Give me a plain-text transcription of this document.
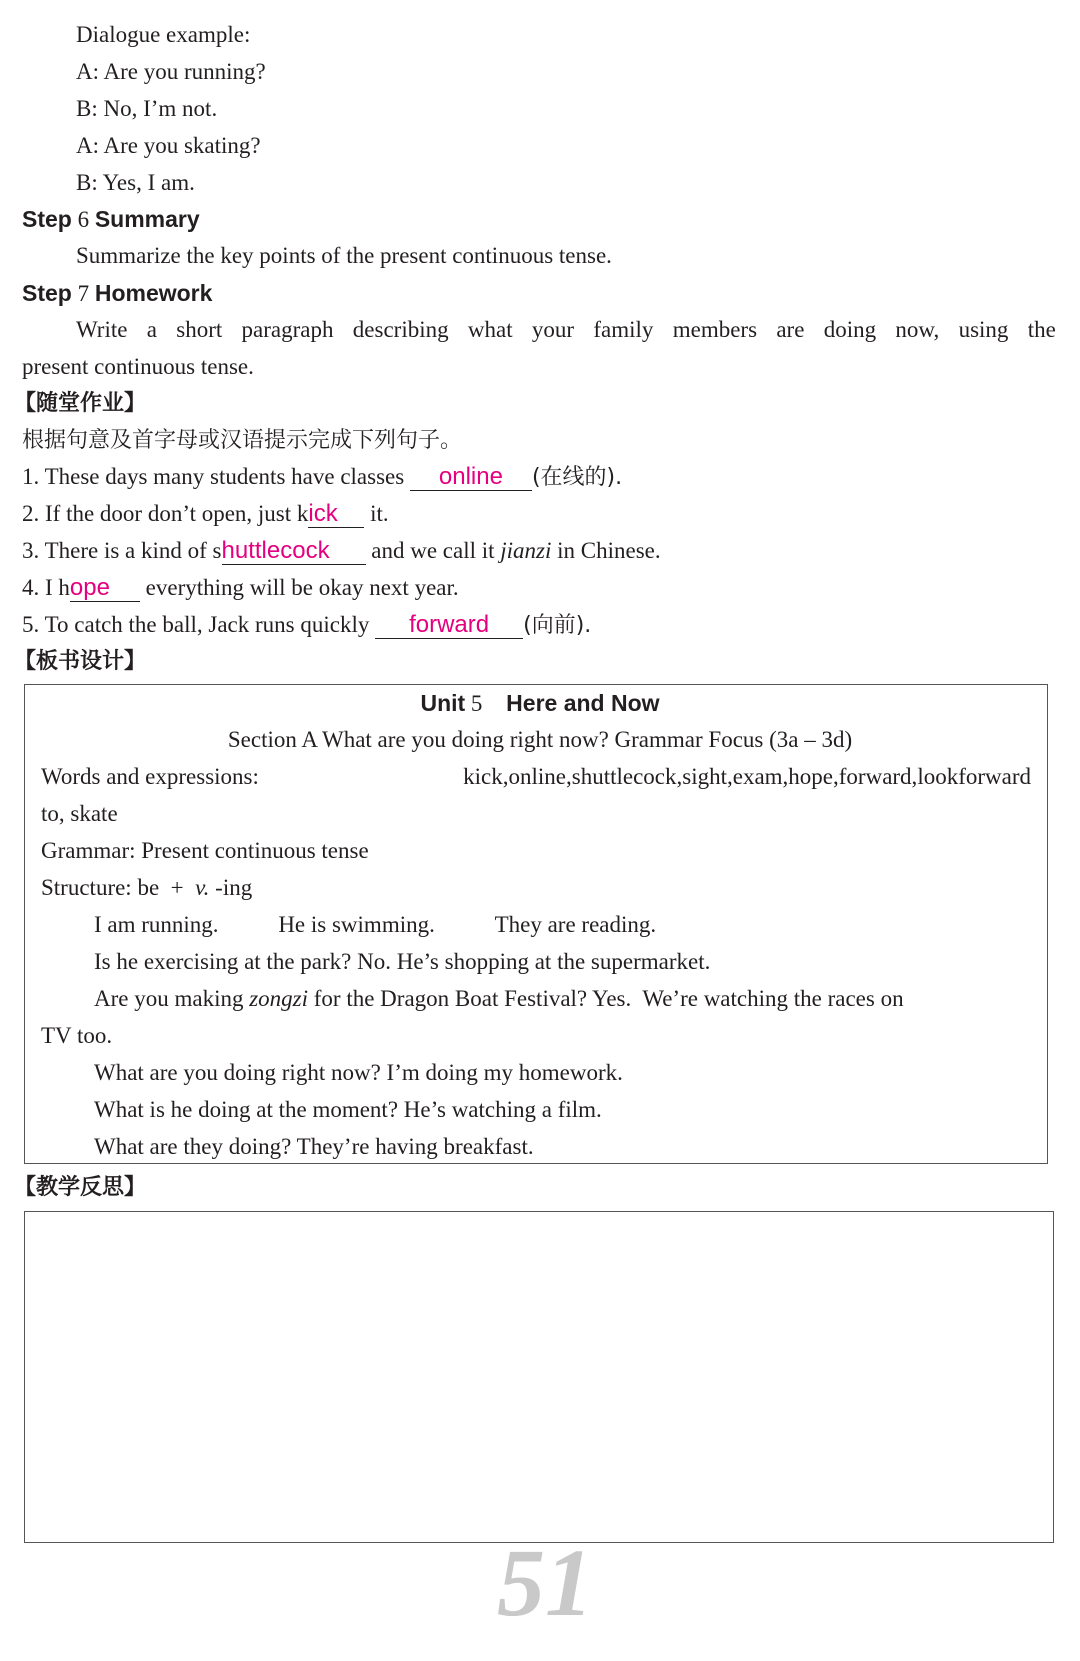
Dialogue example:
A: Are you running?
B: No, I’m not.
A: Are you skating?
B: Yes, I am.
Step 6 Summary
Summarize the key points of the present continuous tense.
Step 7 Homework
Write a short paragraph describing what your family members are doing now, using the
present continuous tense.
【随堂作业】
根据句意及首字母或汉语提示完成下列句子。
1. These days many students have classes online (在线的).
2. If the door don’t open, just kick it.
3. There is a kind of shuttlecock and we call it jianzi in Chinese.
4. I hope everything will be okay next year.
5. To catch the ball, Jack runs quickly forward (向前).
【板书设计】
Unit 5 Here and Now
Section A What are you doing right now? Grammar Focus (3a – 3d)
Words and expressions:	kick, online, shuttlecock, sight, exam, hope, forward, look forward
to, skate
Grammar: Present continuous tense
Structure: be  +  v. -ing
I am running.	He is swimming.	They are reading.
Is he exercising at the park? No. He’s shopping at the supermarket.
Are you making zongzi for the Dragon Boat Festival? Yes.  We’re watching the races on
TV too.
What are you doing right now? I’m doing my homework.
What is he doing at the moment? He’s watching a film.
What are they doing? They’re having breakfast.
【教学反思】
51
